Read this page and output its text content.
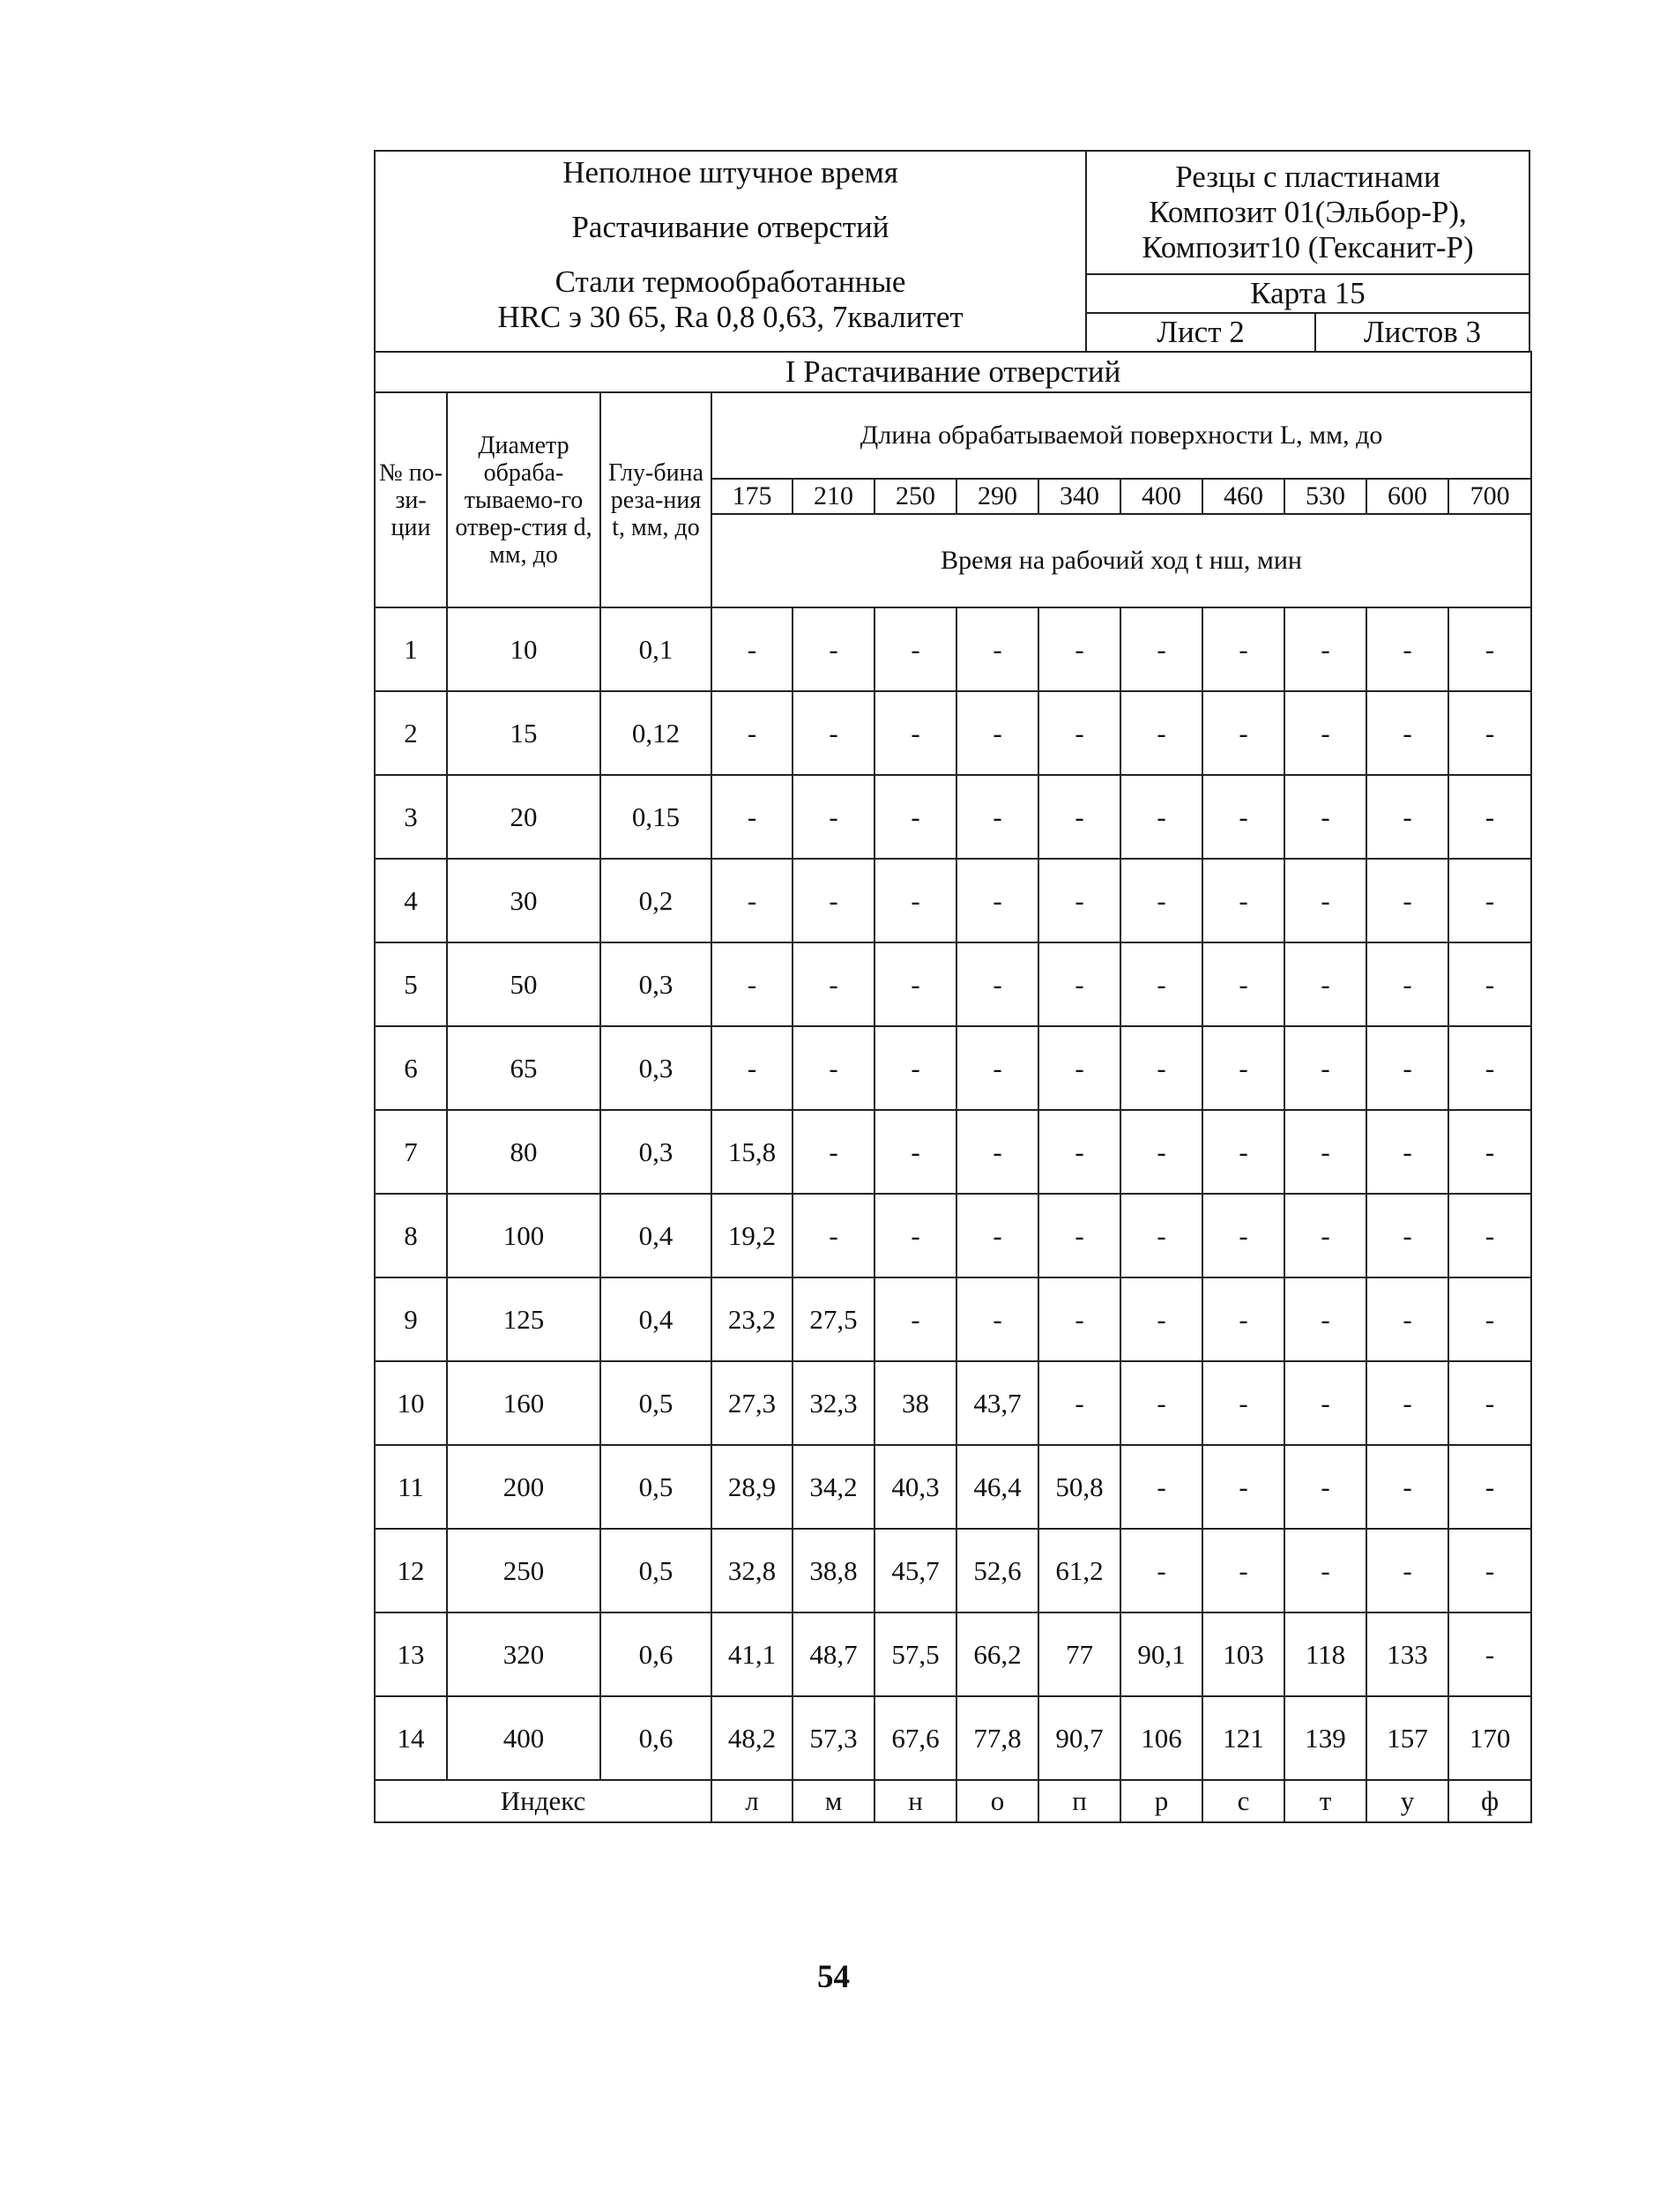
Неполное штучное время
Растачивание отверстий
Стали термообработанные
HRC э 30 65, Ra 0,8 0,63, 7квалитет	Резцы с пластинами
Композит 01(Эльбор-Р),
Композит10 (Гексанит-Р)	

	Карта 15	
	Лист 2	Листов 3
I Растачивание отверстий												
№ по-зи-ции	Диаметр обраба-тываемо-го отвер-стия d, мм, до	Глу-бина реза-ния t, мм, до	Длина обрабатываемой поверхности L, мм, до									
			175	210	250	290	340	400	460	530	600	700
			Время на рабочий ход t нш, мин									
1	10	0,1	-	-	-	-	-	-	-	-	-	-
2	15	0,12	-	-	-	-	-	-	-	-	-	-
3	20	0,15	-	-	-	-	-	-	-	-	-	-
4	30	0,2	-	-	-	-	-	-	-	-	-	-
5	50	0,3	-	-	-	-	-	-	-	-	-	-
6	65	0,3	-	-	-	-	-	-	-	-	-	-
7	80	0,3	15,8	-	-	-	-	-	-	-	-	-
8	100	0,4	19,2	-	-	-	-	-	-	-	-	-
9	125	0,4	23,2	27,5	-	-	-	-	-	-	-	-
10	160	0,5	27,3	32,3	38	43,7	-	-	-	-	-	-
11	200	0,5	28,9	34,2	40,3	46,4	50,8	-	-	-	-	-
12	250	0,5	32,8	38,8	45,7	52,6	61,2	-	-	-	-	-
13	320	0,6	41,1	48,7	57,5	66,2	77	90,1	103	118	133	-
14	400	0,6	48,2	57,3	67,6	77,8	90,7	106	121	139	157	170
Индекс			л	м	н	о	п	р	с	т	у	ф
54
